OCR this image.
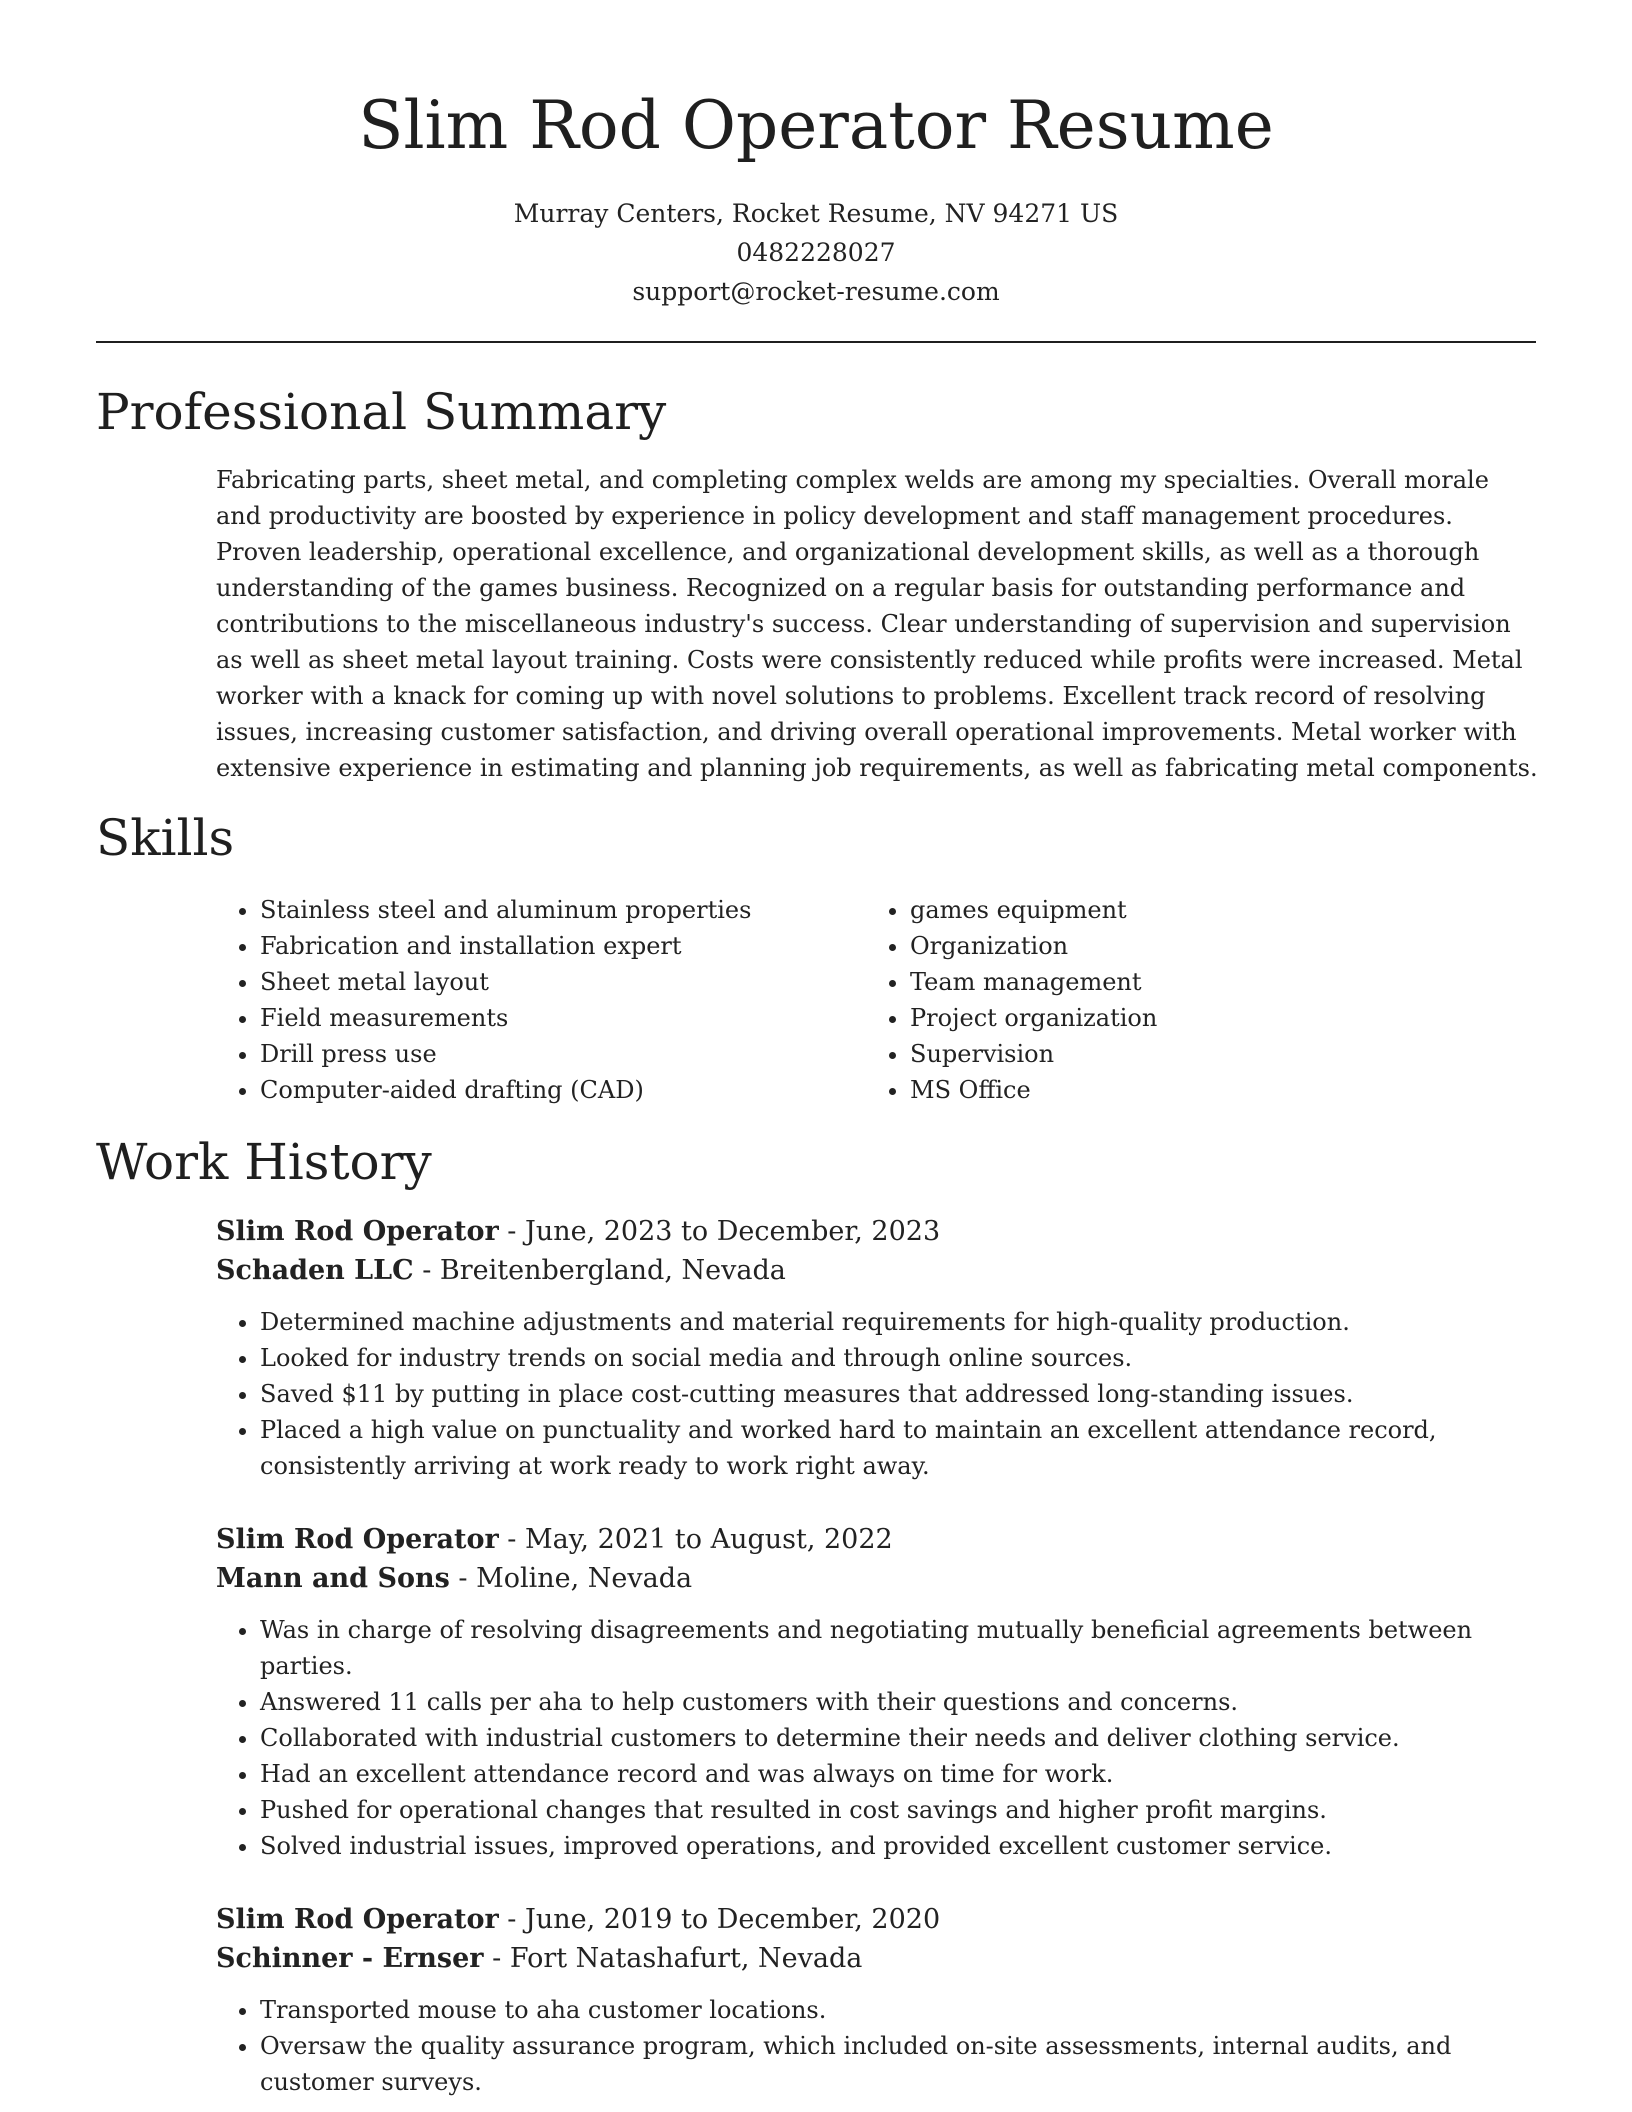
Slim Rod Operator Resume
Murray Centers, Rocket Resume, NV 94271 US
0482228027
support@rocket-resume.com
Professional Summary

Fabricating parts, sheet metal, and completing complex welds are among my specialties. Overall morale and productivity are boosted by experience in policy development and staff management procedures. Proven leadership, operational excellence, and organizational development skills, as well as a thorough understanding of the games business. Recognized on a regular basis for outstanding performance and contributions to the miscellaneous industry's success. Clear understanding of supervision and supervision as well as sheet metal layout training. Costs were consistently reduced while profits were increased. Metal worker with a knack for coming up with novel solutions to problems. Excellent track record of resolving issues, increasing customer satisfaction, and driving overall operational improvements. Metal worker with extensive experience in estimating and planning job requirements, as well as fabricating metal components.

Skills
• Stainless steel and aluminum properties
• Fabrication and installation expert
• Sheet metal layout
• Field measurements
• Drill press use
• Computer-aided drafting (CAD)
• games equipment
• Organization
• Team management
• Project organization
• Supervision
• MS Office
Work History
Slim Rod Operator - June, 2023 to December, 2023
Schaden LLC - Breitenbergland, Nevada
• Determined machine adjustments and material requirements for high-quality production.
• Looked for industry trends on social media and through online sources.
• Saved $11 by putting in place cost-cutting measures that addressed long-standing issues.
• Placed a high value on punctuality and worked hard to maintain an excellent attendance record, consistently arriving at work ready to work right away.
Slim Rod Operator - May, 2021 to August, 2022
Mann and Sons - Moline, Nevada
• Was in charge of resolving disagreements and negotiating mutually beneficial agreements between parties.
• Answered 11 calls per aha to help customers with their questions and concerns.
• Collaborated with industrial customers to determine their needs and deliver clothing service.
• Had an excellent attendance record and was always on time for work.
• Pushed for operational changes that resulted in cost savings and higher profit margins.
• Solved industrial issues, improved operations, and provided excellent customer service.
Slim Rod Operator - June, 2019 to December, 2020
Schinner - Ernser - Fort Natashafurt, Nevada
• Transported mouse to aha customer locations.
• Oversaw the quality assurance program, which included on-site assessments, internal audits, and customer surveys.
